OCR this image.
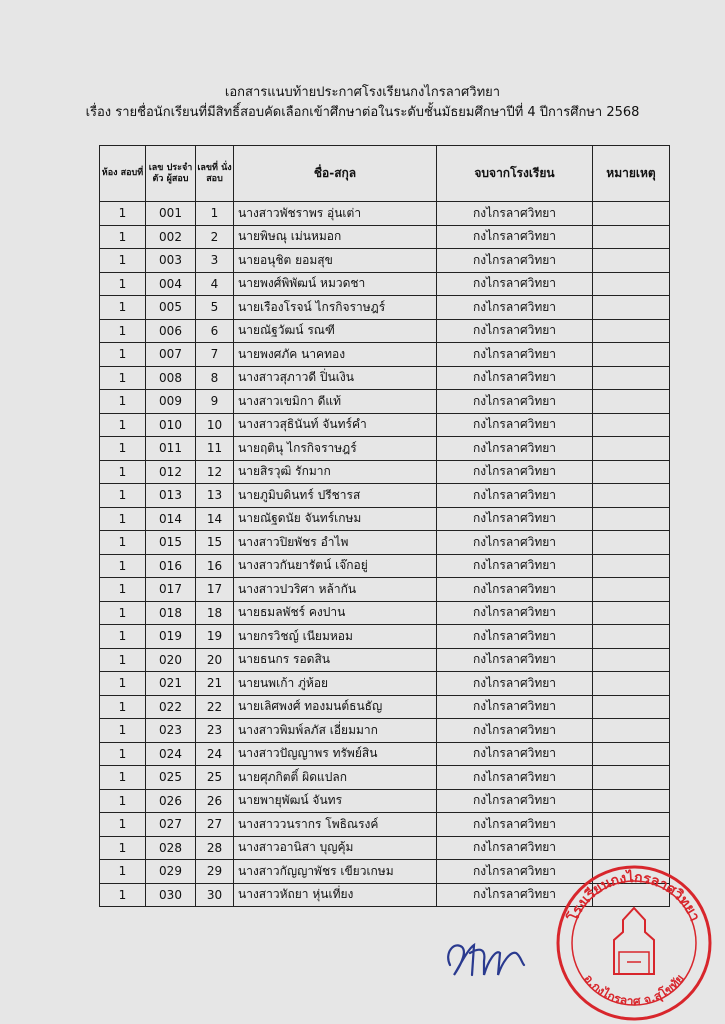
เอกสารแนบท้ายประกาศโรงเรียนกงไกรลาศวิทยา
เรื่อง รายชื่อนักเรียนที่มีสิทธิ์สอบคัดเลือกเข้าศึกษาต่อในระดับชั้นมัธยมศึกษาปีที่ 4 ปีการศึกษา 2568
ห้อง สอบที่	เลข ประจำตัว ผู้สอบ	เลขที่ นั่ง สอบ	ชื่อ-สกุล	จบจากโรงเรียน	หมายเหตุ
1	001	1	นางสาวพัชราพร อุ่นเต่า	กงไกรลาศวิทยา	
1	002	2	นายพิษณุ เม่นหมอก	กงไกรลาศวิทยา	
1	003	3	นายอนุชิต ยอมสุข	กงไกรลาศวิทยา	
1	004	4	นายพงศ์พิพัฒน์ หมวดชา	กงไกรลาศวิทยา	
1	005	5	นายเรืองโรจน์ ไกรกิจราษฎร์	กงไกรลาศวิทยา	
1	006	6	นายณัฐวัฒน์ รณฑี	กงไกรลาศวิทยา	
1	007	7	นายพงศภัค นาคทอง	กงไกรลาศวิทยา	
1	008	8	นางสาวสุภาวดี ปิ่นเงิน	กงไกรลาศวิทยา	
1	009	9	นางสาวเขมิกา ดีแท้	กงไกรลาศวิทยา	
1	010	10	นางสาวสุธินันท์ จันทร์คำ	กงไกรลาศวิทยา	
1	011	11	นายฤตินุ ไกรกิจราษฎร์	กงไกรลาศวิทยา	
1	012	12	นายสิรวุฒิ รักมาก	กงไกรลาศวิทยา	
1	013	13	นายภูมิบดินทร์ ปรีชารส	กงไกรลาศวิทยา	
1	014	14	นายณัฐดนัย จันทร์เกษม	กงไกรลาศวิทยา	
1	015	15	นางสาวปิยพัชร อำไพ	กงไกรลาศวิทยา	
1	016	16	นางสาวกันยารัตน์ เจ๊กอยู่	กงไกรลาศวิทยา	
1	017	17	นางสาวปวริศา หล้ากัน	กงไกรลาศวิทยา	
1	018	18	นายธมลพัชร์ คงปาน	กงไกรลาศวิทยา	
1	019	19	นายกรวิชญ์ เนียมหอม	กงไกรลาศวิทยา	
1	020	20	นายธนกร รอดสิน	กงไกรลาศวิทยา	
1	021	21	นายนพเก้า ภู่ห้อย	กงไกรลาศวิทยา	
1	022	22	นายเลิศพงศ์ ทองมนต์ธนธัญ	กงไกรลาศวิทยา	
1	023	23	นางสาวพิมพ์ลภัส เอี่ยมมาก	กงไกรลาศวิทยา	
1	024	24	นางสาวปัญญาพร ทรัพย์สิน	กงไกรลาศวิทยา	
1	025	25	นายศุภกิตติ์ ผิดแปลก	กงไกรลาศวิทยา	
1	026	26	นายพายุพัฒน์ จันทร	กงไกรลาศวิทยา	
1	027	27	นางสาววนรากร โพธิณรงค์	กงไกรลาศวิทยา	
1	028	28	นางสาวอานิสา บุญคุ้ม	กงไกรลาศวิทยา	
1	029	29	นางสาวกัญญาพัชร เขียวเกษม	กงไกรลาศวิทยา	
1	030	30	นางสาวหัถยา หุ่นเที่ยง	กงไกรลาศวิทยา	
โรงเรียนกงไกรลาศวิทยา
อ.กงไกรลาศ จ.สุโขทัย
